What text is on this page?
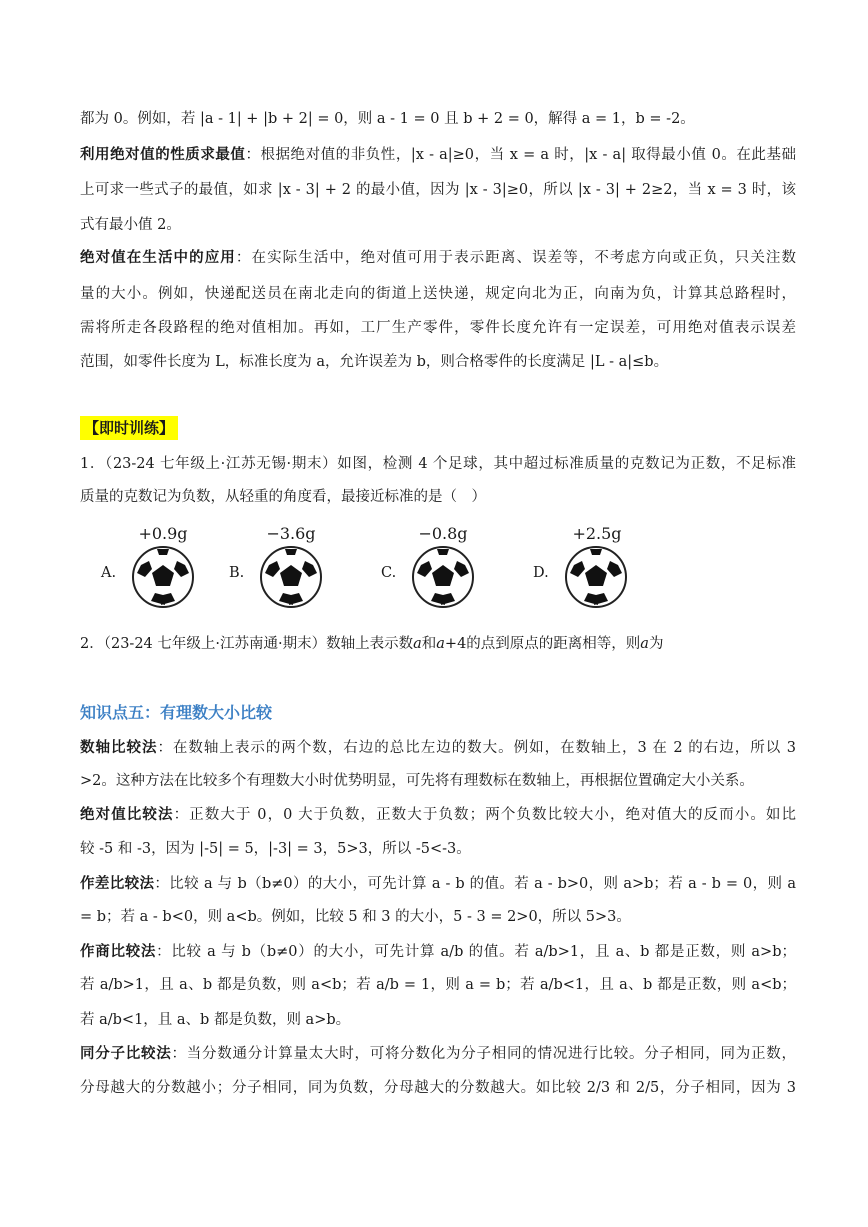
都为 0。例如，若 |a - 1| + |b + 2| = 0，则 a - 1 = 0 且 b + 2 = 0，解得 a = 1，b = -2。
利用绝对值的性质求最值：根据绝对值的非负性，|x - a|≥0，当 x = a 时，|x - a| 取得最小值 0。在此基础
上可求一些式子的最值，如求 |x - 3| + 2 的最小值，因为 |x - 3|≥0，所以 |x - 3| + 2≥2，当 x = 3 时，该
式有最小值 2。
绝对值在生活中的应用：在实际生活中，绝对值可用于表示距离、误差等，不考虑方向或正负，只关注数
量的大小。例如，快递配送员在南北走向的街道上送快递，规定向北为正，向南为负，计算其总路程时，
需将所走各段路程的绝对值相加。再如，工厂生产零件，零件长度允许有一定误差，可用绝对值表示误差
范围，如零件长度为 L，标准长度为 a，允许误差为 b，则合格零件的长度满足 |L - a|≤b。
【即时训练】
1．（23-24 七年级上·江苏无锡·期末）如图，检测 4 个足球，其中超过标准质量的克数记为正数，不足标准
质量的克数记为负数，从轻重的角度看，最接近标准的是（　）
+0.9g
A.
−3.6g
B.
−0.8g
C.
+2.5g
D.
2．（23-24 七年级上·江苏南通·期末）数轴上表示数a和a+4的点到原点的距离相等，则a为
知识点五：有理数大小比较
数轴比较法：在数轴上表示的两个数，右边的总比左边的数大。例如，在数轴上，3 在 2 的右边，所以 3
>2。这种方法在比较多个有理数大小时优势明显，可先将有理数标在数轴上，再根据位置确定大小关系。
绝对值比较法：正数大于 0，0 大于负数，正数大于负数；两个负数比较大小，绝对值大的反而小。如比
较 -5 和 -3，因为 |-5| = 5，|-3| = 3，5>3，所以 -5<-3。
作差比较法：比较 a 与 b（b≠0）的大小，可先计算 a - b 的值。若 a - b>0，则 a>b；若 a - b = 0，则 a
= b；若 a - b<0，则 a<b。例如，比较 5 和 3 的大小，5 - 3 = 2>0，所以 5>3。
作商比较法：比较 a 与 b（b≠0）的大小，可先计算 a/b 的值。若 a/b>1，且 a、b 都是正数，则 a>b；
若 a/b>1，且 a、b 都是负数，则 a<b；若 a/b = 1，则 a = b；若 a/b<1，且 a、b 都是正数，则 a<b；
若 a/b<1，且 a、b 都是负数，则 a>b。
同分子比较法：当分数通分计算量太大时，可将分数化为分子相同的情况进行比较。分子相同，同为正数，
分母越大的分数越小；分子相同，同为负数，分母越大的分数越大。如比较 2/3 和 2/5，分子相同，因为 3
